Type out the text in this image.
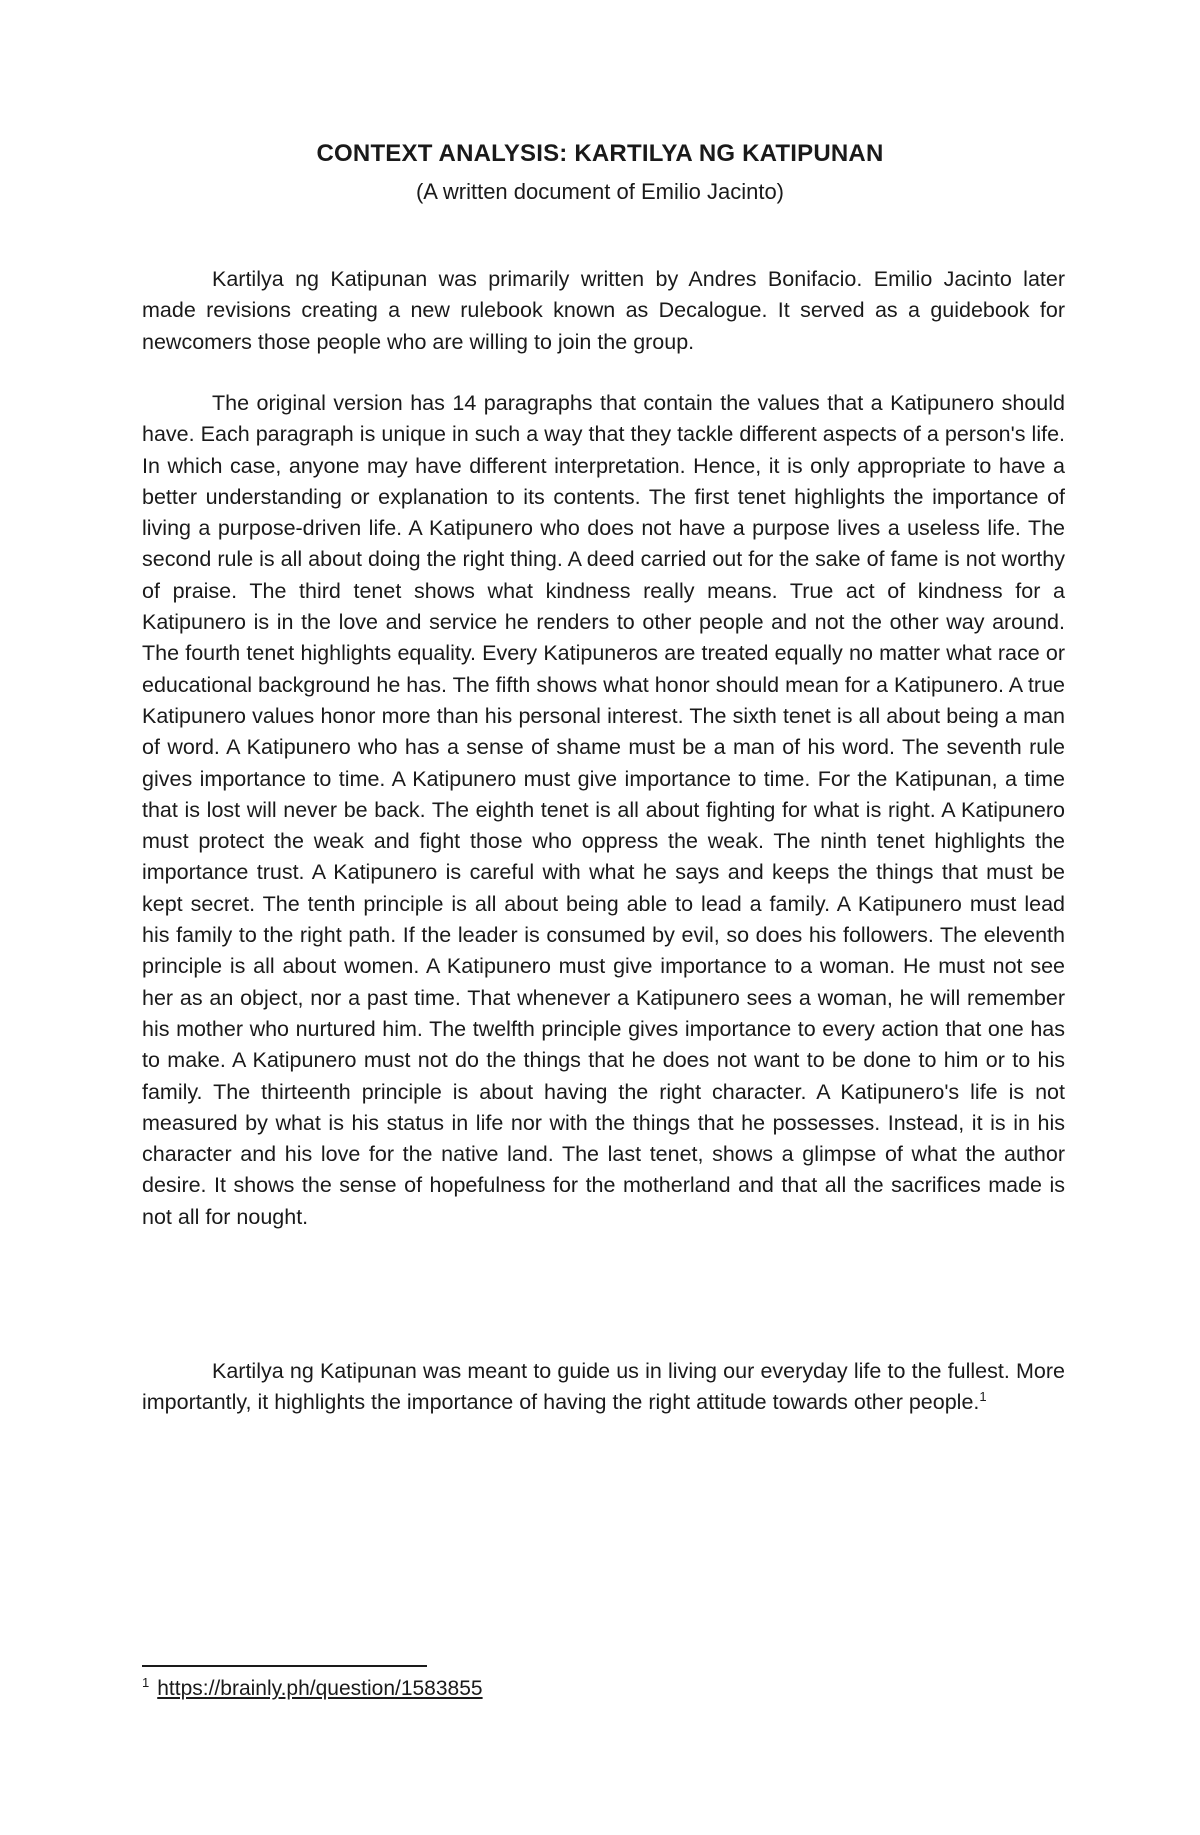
CONTEXT ANALYSIS: KARTILYA NG KATIPUNAN
(A written document of Emilio Jacinto)

Kartilya ng Katipunan was primarily written by Andres Bonifacio. Emilio Jacinto later made revisions creating a new rulebook known as Decalogue. It served as a guidebook for newcomers those people who are willing to join the group.

The original version has 14 paragraphs that contain the values that a Katipunero should have. Each paragraph is unique in such a way that they tackle different aspects of a person's life. In which case, anyone may have different interpretation. Hence, it is only appropriate to have a better understanding or explanation to its contents. The first tenet highlights the importance of living a purpose-driven life. A Katipunero who does not have a purpose lives a useless life. The second rule is all about doing the right thing. A deed carried out for the sake of fame is not worthy of praise. The third tenet shows what kindness really means. True act of kindness for a Katipunero is in the love and service he renders to other people and not the other way around. The fourth tenet highlights equality. Every Katipuneros are treated equally no matter what race or educational background he has. The fifth shows what honor should mean for a Katipunero. A true Katipunero values honor more than his personal interest. The sixth tenet is all about being a man of word. A Katipunero who has a sense of shame must be a man of his word. The seventh rule gives importance to time. A Katipunero must give importance to time. For the Katipunan, a time that is lost will never be back. The eighth tenet is all about fighting for what is right. A Katipunero must protect the weak and fight those who oppress the weak. The ninth tenet highlights the importance trust. A Katipunero is careful with what he says and keeps the things that must be kept secret. The tenth principle is all about being able to lead a family. A Katipunero must lead his family to the right path. If the leader is consumed by evil, so does his followers. The eleventh principle is all about women. A Katipunero must give importance to a woman. He must not see her as an object, nor a past time. That whenever a Katipunero sees a woman, he will remember his mother who nurtured him. The twelfth principle gives importance to every action that one has to make. A Katipunero must not do the things that he does not want to be done to him or to his family. The thirteenth principle is about having the right character. A Katipunero's life is not measured by what is his status in life nor with the things that he possesses. Instead, it is in his character and his love for the native land. The last tenet, shows a glimpse of what the author desire. It shows the sense of hopefulness for the motherland and that all the sacrifices made is not all for nought.

Kartilya ng Katipunan was meant to guide us in living our everyday life to the fullest. More importantly, it highlights the importance of having the right attitude towards other people.$^1$

$^1$ https://brainly.ph/question/1583855
